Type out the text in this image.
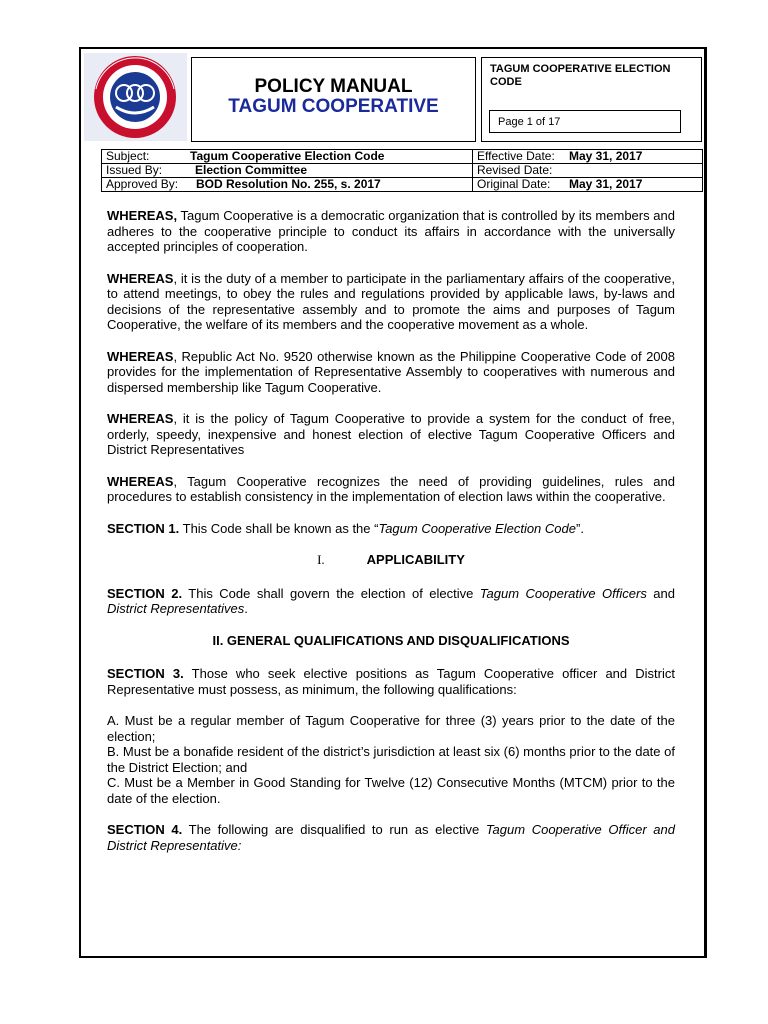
POLICY MANUAL
TAGUM COOPERATIVE
TAGUM COOPERATIVE ELECTION CODE
Page 1 of 17
Subject: Tagum Cooperative Election Code	Effective Date: May 31, 2017
Issued By: Election Committee	Revised Date:
Approved By: BOD Resolution No. 255, s. 2017	Original Date: May 31, 2017

WHEREAS, Tagum Cooperative is a democratic organization that is controlled by its members and adheres to the cooperative principle to conduct its affairs in accordance with the universally accepted principles of cooperation.

WHEREAS, it is the duty of a member to participate in the parliamentary affairs of the cooperative, to attend meetings, to obey the rules and regulations provided by applicable laws, by-laws and decisions of the representative assembly and to promote the aims and purposes of Tagum Cooperative, the welfare of its members and the cooperative movement as a whole.

WHEREAS, Republic Act No. 9520 otherwise known as the Philippine Cooperative Code of 2008 provides for the implementation of Representative Assembly to cooperatives with numerous and dispersed membership like Tagum Cooperative.

WHEREAS, it is the policy of Tagum Cooperative to provide a system for the conduct of free, orderly, speedy, inexpensive and honest election of elective Tagum Cooperative Officers and District Representatives

WHEREAS, Tagum Cooperative recognizes the need of providing guidelines, rules and procedures to establish consistency in the implementation of election laws within the cooperative.

SECTION 1. This Code shall be known as the “Tagum Cooperative Election Code”.

I.	APPLICABILITY

SECTION 2. This Code shall govern the election of elective Tagum Cooperative Officers and District Representatives.

II. GENERAL QUALIFICATIONS AND DISQUALIFICATIONS

SECTION 3. Those who seek elective positions as Tagum Cooperative officer and District Representative must possess, as minimum, the following qualifications:

A. Must be a regular member of Tagum Cooperative for three (3) years prior to the date of the election;

B. Must be a bonafide resident of the district’s jurisdiction at least six (6) months prior to the date of the District Election; and

C. Must be a Member in Good Standing for Twelve (12) Consecutive Months (MTCM) prior to the date of the election.

SECTION 4. The following are disqualified to run as elective Tagum Cooperative Officer and District Representative:
